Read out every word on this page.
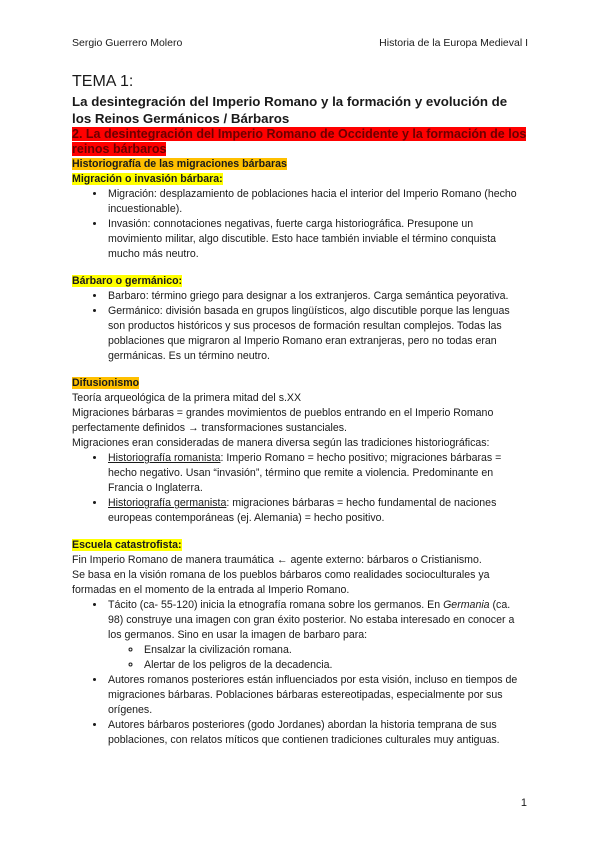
Sergio Guerrero Molero	Historia de la Europa Medieval I
TEMA 1:
La desintegración del Imperio Romano y la formación y evolución de los Reinos Germánicos / Bárbaros

2. La desintegración del Imperio Romano de Occidente y la formación de los reinos bárbaros

Historiografía de las migraciones bárbaras

Migración o invasión bárbara:

• Migración: desplazamiento de poblaciones hacia el interior del Imperio Romano (hecho incuestionable).
• Invasión: connotaciones negativas, fuerte carga historiográfica. Presupone un movimiento militar, algo discutible. Esto hace también inviable el término conquista mucho más neutro.

Bárbaro o germánico:

• Barbaro: término griego para designar a los extranjeros. Carga semántica peyorativa.
• Germánico: división basada en grupos lingüísticos, algo discutible porque las lenguas son productos históricos y sus procesos de formación resultan complejos. Todas las poblaciones que migraron al Imperio Romano eran extranjeras, pero no todas eran germánicas. Es un término neutro.

Difusionismo

Teoría arqueológica de la primera mitad del s.XX

Migraciones bárbaras = grandes movimientos de pueblos entrando en el Imperio Romano perfectamente definidos → transformaciones sustanciales.

Migraciones eran consideradas de manera diversa según las tradiciones historiográficas:

• Historiografía romanista: Imperio Romano = hecho positivo; migraciones bárbaras = hecho negativo. Usan “invasión”, término que remite a violencia. Predominante en Francia o Inglaterra.
• Historiografía germanista: migraciones bárbaras = hecho fundamental de naciones europeas contemporáneas (ej. Alemania) = hecho positivo.

Escuela catastrofista:

Fin Imperio Romano de manera traumática ← agente externo: bárbaros o Cristianismo.

Se basa en la visión romana de los pueblos bárbaros como realidades socioculturales ya formadas en el momento de la entrada al Imperio Romano.

• Tácito (ca- 55-120) inicia la etnografía romana sobre los germanos. En Germania (ca. 98) construye una imagen con gran éxito posterior. No estaba interesado en conocer a los germanos. Sino en usar la imagen de barbaro para:
◦ Ensalzar la civilización romana.
◦ Alertar de los peligros de la decadencia.
• Autores romanos posteriores están influenciados por esta visión, incluso en tiempos de migraciones bárbaras. Poblaciones bárbaras estereotipadas, especialmente por sus orígenes.
• Autores bárbaros posteriores (godo Jordanes) abordan la historia temprana de sus poblaciones, con relatos míticos que contienen tradiciones culturales muy antiguas.
1
